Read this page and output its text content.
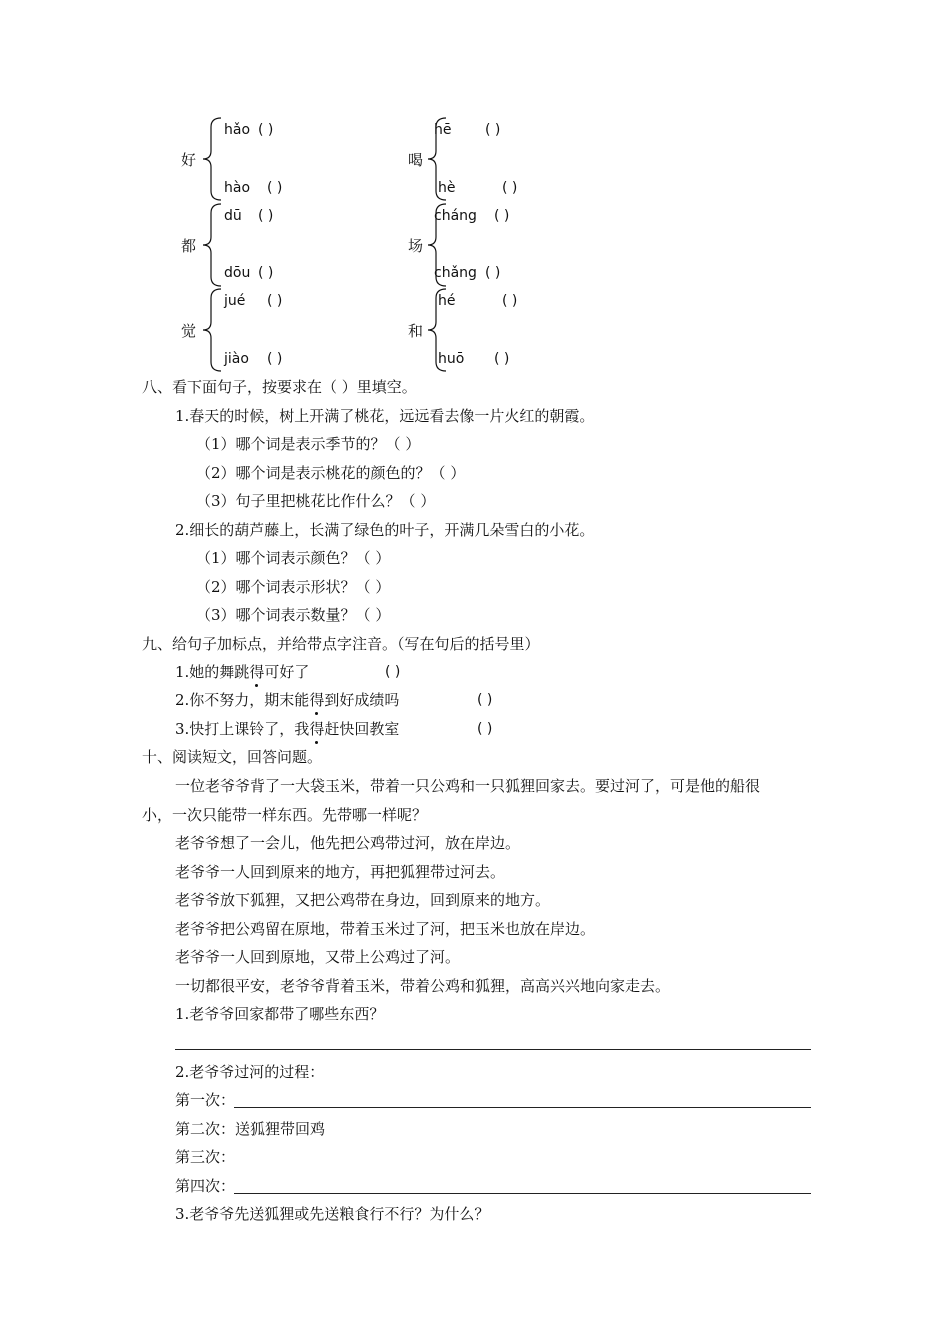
好
hǎo ( )
hào ( )
喝
hē ( )
hè	( )
都
dū ( )
dōu ( )
场
cháng ( )
chǎng ( )
觉
jué ( )
jiào ( )
和
hé	( )
huō ( )
八、看下面句子，按要求在（ ）里填空。
1.春天的时候，树上开满了桃花，远远看去像一片火红的朝霞。
（1）哪个词是表示季节的？（ ）
（2）哪个词是表示桃花的颜色的？（ ）
（3）句子里把桃花比作什么？（ ）
2.细长的葫芦藤上，长满了绿色的叶子，开满几朵雪白的小花。
（1）哪个词表示颜色？（ ）
（2）哪个词表示形状？（ ）
（3）哪个词表示数量？（ ）
九、给句子加标点，并给带点字注音。（写在句后的括号里）
1.她的舞跳得可好了	( )
2.你不努力，期末能得到好成绩吗	( )
3.快打上课铃了，我得赶快回教室	( )
十、阅读短文，回答问题。
一位老爷爷背了一大袋玉米，带着一只公鸡和一只狐狸回家去。要过河了，可是他的船很
小，一次只能带一样东西。先带哪一样呢？
老爷爷想了一会儿，他先把公鸡带过河，放在岸边。
老爷爷一人回到原来的地方，再把狐狸带过河去。
老爷爷放下狐狸，又把公鸡带在身边，回到原来的地方。
老爷爷把公鸡留在原地，带着玉米过了河，把玉米也放在岸边。
老爷爷一人回到原地，又带上公鸡过了河。
一切都很平安，老爷爷背着玉米，带着公鸡和狐狸，高高兴兴地向家走去。
1.老爷爷回家都带了哪些东西？
2.老爷爷过河的过程：
第一次：
第二次：送狐狸带回鸡
第三次：
第四次：
3.老爷爷先送狐狸或先送粮食行不行？为什么？
